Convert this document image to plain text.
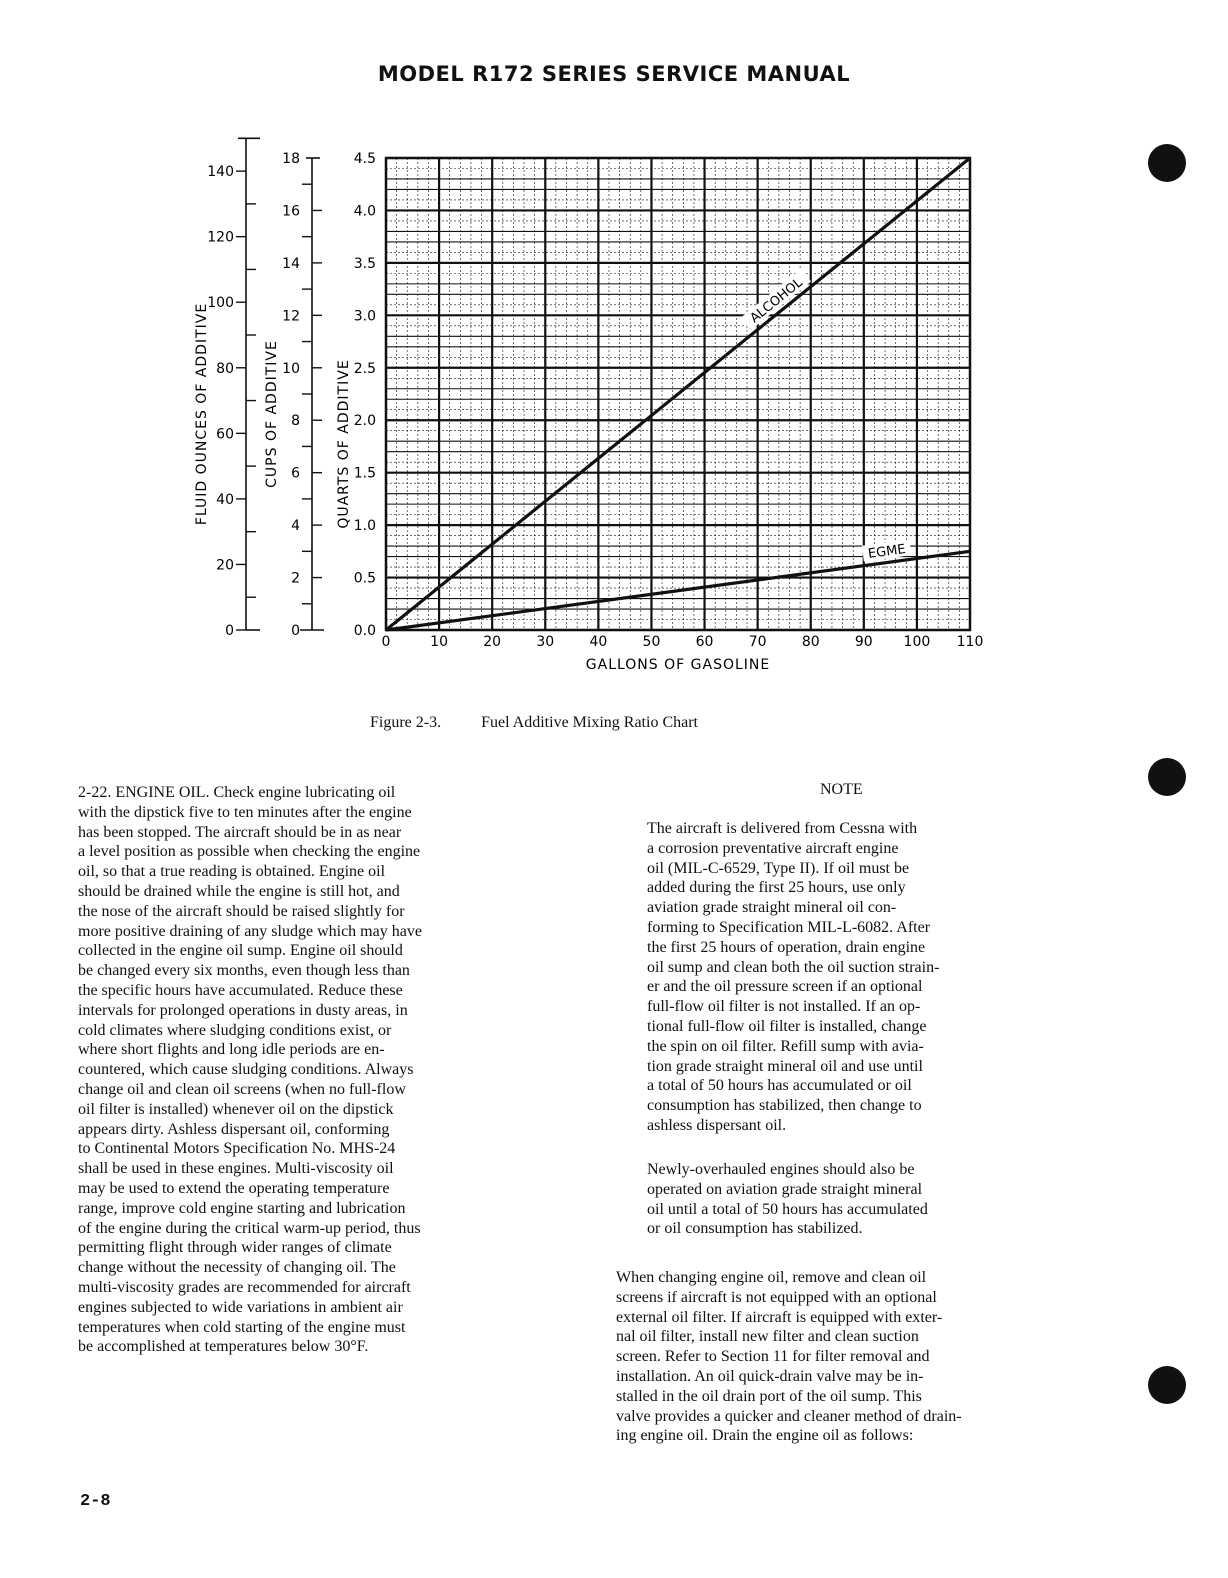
MODEL R172 SERIES SERVICE MANUAL
ALCOHOL
EGME
0	10	20	30	40	50	60	70	80	90 100 110
0.0
0.5
1.0
1.5
2.0
2.5
3.0
3.5
4.0
4.5
GALLONS OF GASOLINE
QUARTS OF ADDITIVE
0
20
40
60
80
100
120
140
FLUID OUNCES OF ADDITIVE
0
2
4
6
8
10
12
14
16
18
CUPS OF ADDITIVE
Figure 2-3.	Fuel Additive Mixing Ratio Chart
2-22. ENGINE OIL. Check engine lubricating oil
with the dipstick five to ten minutes after the engine
has been stopped. The aircraft should be in as near
a level position as possible when checking the engine
oil, so that a true reading is obtained. Engine oil
should be drained while the engine is still hot, and
the nose of the aircraft should be raised slightly for
more positive draining of any sludge which may have
collected in the engine oil sump. Engine oil should
be changed every six months, even though less than
the specific hours have accumulated. Reduce these
intervals for prolonged operations in dusty areas, in
cold climates where sludging conditions exist, or
where short flights and long idle periods are en-
countered, which cause sludging conditions. Always
change oil and clean oil screens (when no full-flow
oil filter is installed) whenever oil on the dipstick
appears dirty. Ashless dispersant oil, conforming
to Continental Motors Specification No. MHS-24
shall be used in these engines. Multi-viscosity oil
may be used to extend the operating temperature
range, improve cold engine starting and lubrication
of the engine during the critical warm-up period, thus
permitting flight through wider ranges of climate
change without the necessity of changing oil. The
multi-viscosity grades are recommended for aircraft
engines subjected to wide variations in ambient air
temperatures when cold starting of the engine must
be accomplished at temperatures below 30°F.
NOTE
The aircraft is delivered from Cessna with
a corrosion preventative aircraft engine
oil (MIL-C-6529, Type II). If oil must be
added during the first 25 hours, use only
aviation grade straight mineral oil con-
forming to Specification MIL-L-6082. After
the first 25 hours of operation, drain engine
oil sump and clean both the oil suction strain-
er and the oil pressure screen if an optional
full-flow oil filter is not installed. If an op-
tional full-flow oil filter is installed, change
the spin on oil filter. Refill sump with avia-
tion grade straight mineral oil and use until
a total of 50 hours has accumulated or oil
consumption has stabilized, then change to
ashless dispersant oil.
Newly-overhauled engines should also be
operated on aviation grade straight mineral
oil until a total of 50 hours has accumulated
or oil consumption has stabilized.
When changing engine oil, remove and clean oil
screens if aircraft is not equipped with an optional
external oil filter. If aircraft is equipped with exter-
nal oil filter, install new filter and clean suction
screen. Refer to Section 11 for filter removal and
installation. An oil quick-drain valve may be in-
stalled in the oil drain port of the oil sump. This
valve provides a quicker and cleaner method of drain-
ing engine oil. Drain the engine oil as follows:
2-8
